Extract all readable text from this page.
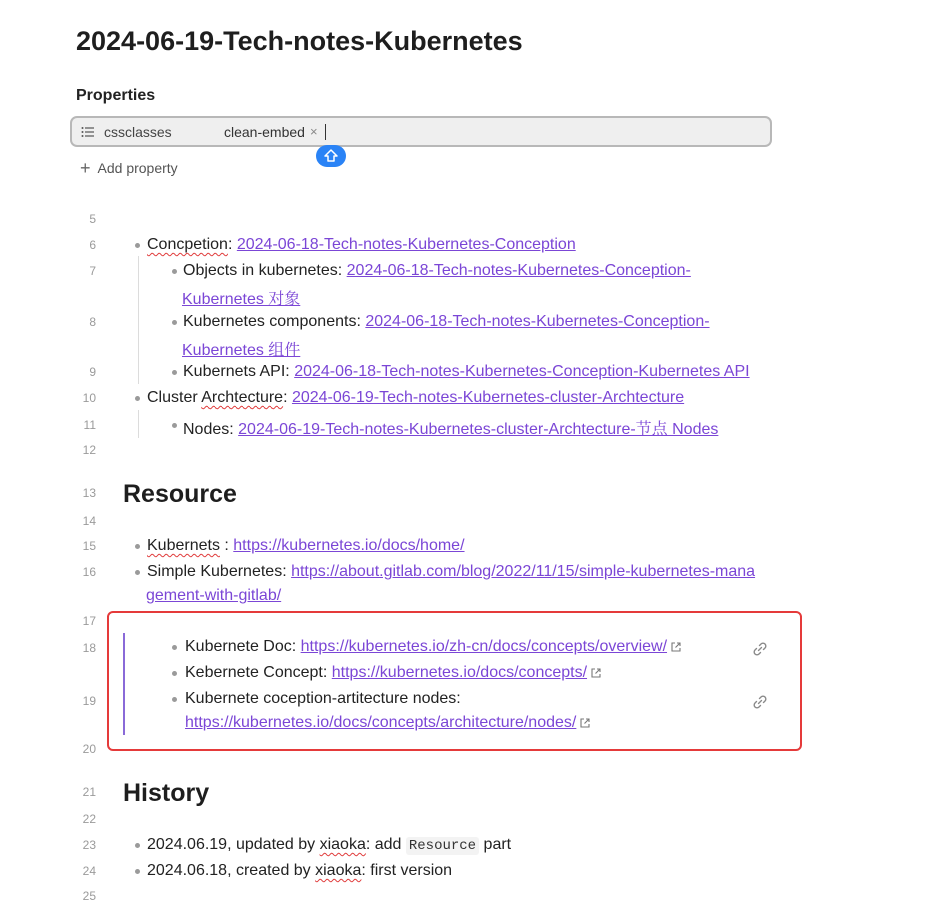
2024-06-19-Tech-notes-Kubernetes
Properties
cssclasses	clean-embed ×
+ Add property
5
6
7
8
9
10
11
12
13
14
15
16
17
18
19
20
21
22
23
24
25
Concpetion: 2024-06-18-Tech-notes-Kubernetes-Conception
Objects in kubernetes: 2024-06-18-Tech-notes-Kubernetes-Conception-
Kubernetes 对象
Kubernetes components: 2024-06-18-Tech-notes-Kubernetes-Conception-
Kubernetes 组件
Kubernets API: 2024-06-18-Tech-notes-Kubernetes-Conception-Kubernetes API
Cluster Archtecture: 2024-06-19-Tech-notes-Kubernetes-cluster-Archtecture
Nodes: 2024-06-19-Tech-notes-Kubernetes-cluster-Archtecture-节点 Nodes
Resource
Kubernets : https://kubernetes.io/docs/home/
Simple Kubernetes: https://about.gitlab.com/blog/2022/11/15/simple-kubernetes-mana
gement-with-gitlab/
Kubernete Doc: https://kubernetes.io/zh-cn/docs/concepts/overview/
Kebernete Concept: https://kubernetes.io/docs/concepts/
Kubernete coception-artitecture nodes:
https://kubernetes.io/docs/concepts/architecture/nodes/
History
2024.06.19, updated by xiaoka: add Resource part
2024.06.18, created by xiaoka: first version
